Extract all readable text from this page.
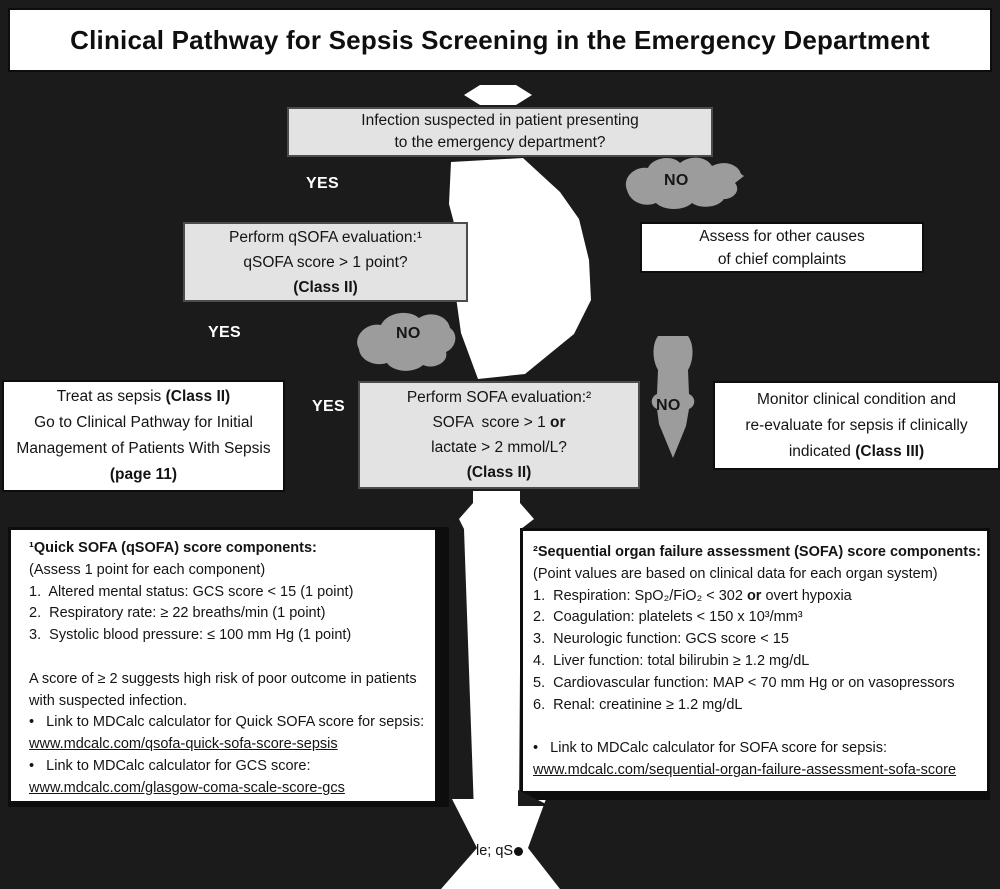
Clinical Pathway for Sepsis Screening in the Emergency Department
Infection suspected in patient presenting
to the emergency department?
Assess for other causes
of chief complaints
Perform qSOFA evaluation:¹
qSOFA score > 1 point?
(Class II)
Treat as sepsis (Class II)
Go to Clinical Pathway for Initial
Management of Patients With Sepsis
(page 11)
Perform SOFA evaluation:²
SOFA  score > 1 or
lactate > 2 mmol/L?
(Class II)
Monitor clinical condition and
re-evaluate for sepsis if clinically
indicated (Class III)
YES	NO
YES	NO
YES	NO
¹Quick SOFA (qSOFA) score components:
(Assess 1 point for each component)
1.  Altered mental status: GCS score < 15 (1 point)
2.  Respiratory rate: ≥ 22 breaths/min (1 point)
3.  Systolic blood pressure: ≤ 100 mm Hg (1 point)

A score of ≥ 2 suggests high risk of poor outcome in patients
with suspected infection.
•   Link to MDCalc calculator for Quick SOFA score for sepsis:
www.mdcalc.com/qsofa-quick-sofa-score-sepsis
•   Link to MDCalc calculator for GCS score:
www.mdcalc.com/glasgow-coma-scale-score-gcs
²Sequential organ failure assessment (SOFA) score components:
(Point values are based on clinical data for each organ system)
1.  Respiration: SpO₂/FiO₂ < 302 or overt hypoxia
2.  Coagulation: platelets < 150 x 10³/mm³
3.  Neurologic function: GCS score < 15
4.  Liver function: total bilirubin ≥ 1.2 mg/dL
5.  Cardiovascular function: MAP < 70 mm Hg or on vasopressors
6.  Renal: creatinine ≥ 1.2 mg/dL

•   Link to MDCalc calculator for SOFA score for sepsis:
www.mdcalc.com/sequential-organ-failure-assessment-sofa-score
le; qS
